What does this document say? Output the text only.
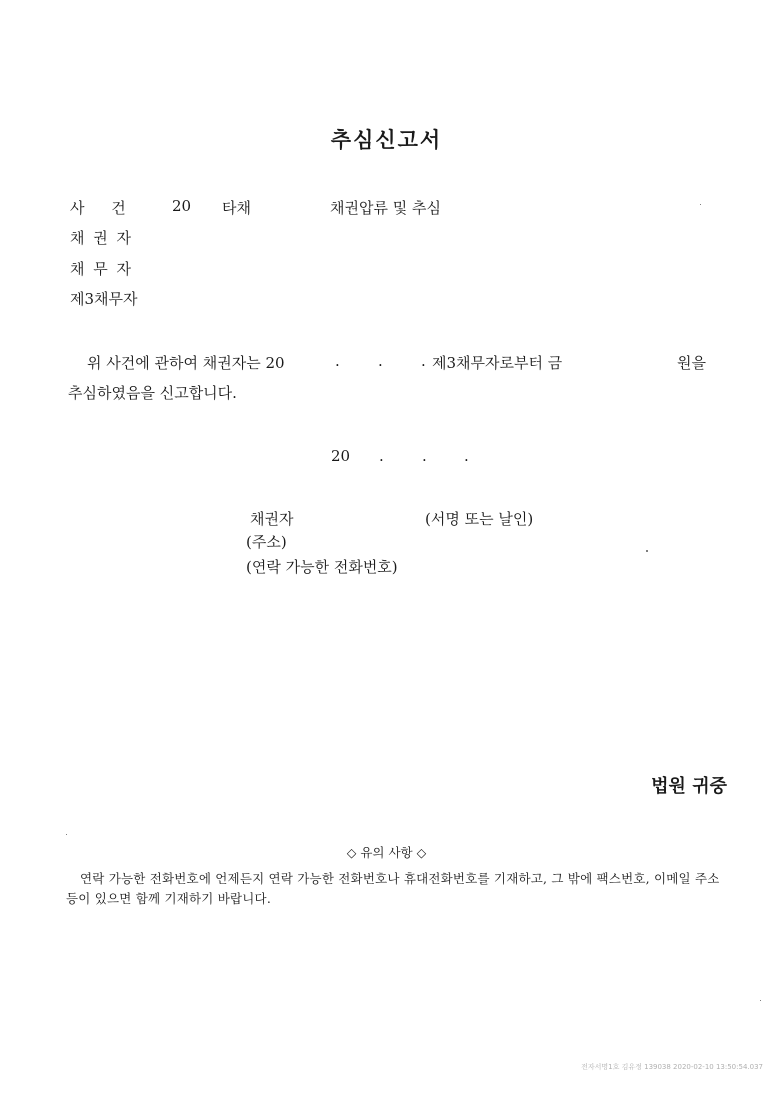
추심신고서
사 건	20 타채	채권압류 및 추심
채 권 자
채 무 자
제3채무자
위 사건에 관하여 채권자는 20	.	.	. 제3채무자로부터 금	원을
추심하였음을 신고합니다.
20 .	. .
채권자	(서명 또는 날인)
(주소)
(연락 가능한 전화번호)
법원 귀중
◇ 유의 사항 ◇
연락 가능한 전화번호에 언제든지 연락 가능한 전화번호나 휴대전화번호를 기재하고, 그 밖에 팩스번호, 이메일 주소 등이 있으면 함께 기재하기 바랍니다.
전자서명1호 김유정 139038 2020-02-10 13:50:54.037
